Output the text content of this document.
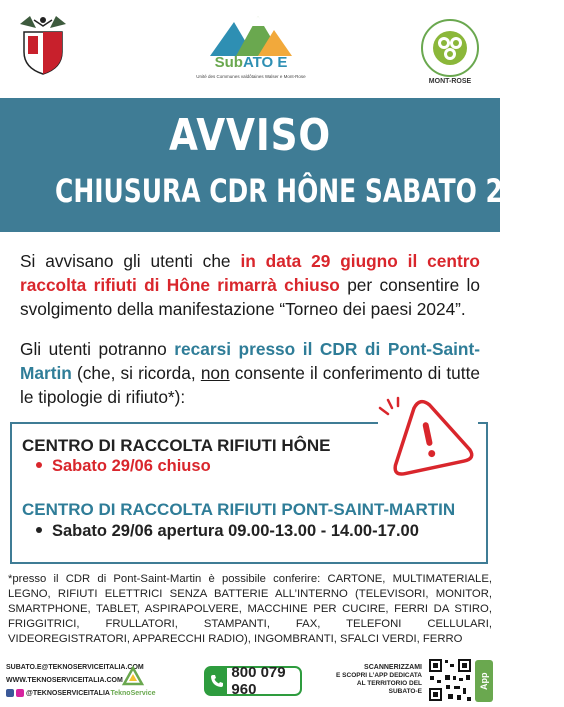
SubATO E
Unité des Communes valdôtaines Walser e Mont-Rose
MONT-ROSE
AVVISO
CHIUSURA CDR HÔNE SABATO 29/06
Si avvisano gli utenti che in data 29 giugno il centro raccolta rifiuti di Hône rimarrà chiuso per consentire lo svolgimento della manifestazione “Torneo dei paesi 2024”.
Gli utenti potranno recarsi presso il CDR di Pont-Saint-Martin (che, si ricorda, non consente il conferimento di tutte le tipologie di rifiuto*):
CENTRO DI RACCOLTA RIFIUTI HÔNE
Sabato 29/06 chiuso
CENTRO DI RACCOLTA RIFIUTI PONT-SAINT-MARTIN
Sabato 29/06 apertura 09.00-13.00 - 14.00-17.00
*presso il CDR di Pont-Saint-Martin è possibile conferire: CARTONE, MULTIMATERIALE, LEGNO, RIFIUTI ELETTRICI SENZA BATTERIE ALL’INTERNO (TELEVISORI, MONITOR, SMARTPHONE, TABLET, ASPIRAPOLVERE, MACCHINE PER CUCIRE, FERRI DA STIRO, FRIGGITRICI, FRULLATORI, STAMPANTI, FAX, TELEFONI CELLULARI, VIDEOREGISTRATORI, APPARECCHI RADIO), INGOMBRANTI, SFALCI VERDI, FERRO
SUBATO.E@TEKNOSERVICEITALIA.COM
WWW.TEKNOSERVICEITALIA.COM
@TEKNOSERVICEITALIA TeknoService
800 079 960
SCANNERIZZAMI
E SCOPRI L’APP DEDICATA AL TERRITORIO DEL SUBATO-E
App
